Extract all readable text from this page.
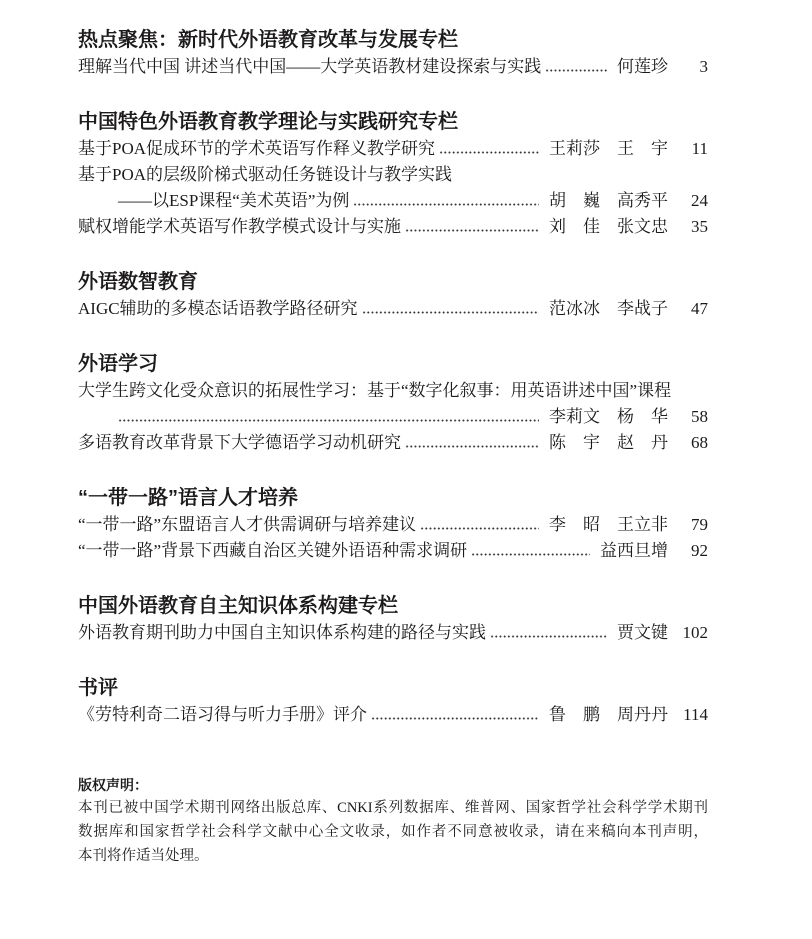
热点聚焦：新时代外语教育改革与发展专栏
理解当代中国 讲述当代中国——大学英语教材建设探索与实践	何莲珍	3
中国特色外语教育教学理论与实践研究专栏
基于POA促成环节的学术英语写作释义教学研究	王莉莎　王　宇	11
基于POA的层级阶梯式驱动任务链设计与教学实践
——以ESP课程“美术英语”为例	胡　巍　高秀平	24
赋权增能学术英语写作教学模式设计与实施	刘　佳　张文忠	35
外语数智教育
AIGC辅助的多模态话语教学路径研究	范冰冰　李战子	47
外语学习
大学生跨文化受众意识的拓展性学习：基于“数字化叙事：用英语讲述中国”课程
李莉文　杨　华	58
多语教育改革背景下大学德语学习动机研究	陈　宇　赵　丹	68
“一带一路”语言人才培养
“一带一路”东盟语言人才供需调研与培养建议	李　昭　王立非	79
“一带一路”背景下西藏自治区关键外语语种需求调研	益西旦增	92
中国外语教育自主知识体系构建专栏
外语教育期刊助力中国自主知识体系构建的路径与实践	贾文键 102
书评
《劳特利奇二语习得与听力手册》评介	鲁　鹏　周丹丹 114
版权声明：
本刊已被中国学术期刊网络出版总库、CNKI系列数据库、维普网、国家哲学社会科学学术期刊
数据库和国家哲学社会科学文献中心全文收录，如作者不同意被收录，请在来稿向本刊声明，
本刊将作适当处理。
